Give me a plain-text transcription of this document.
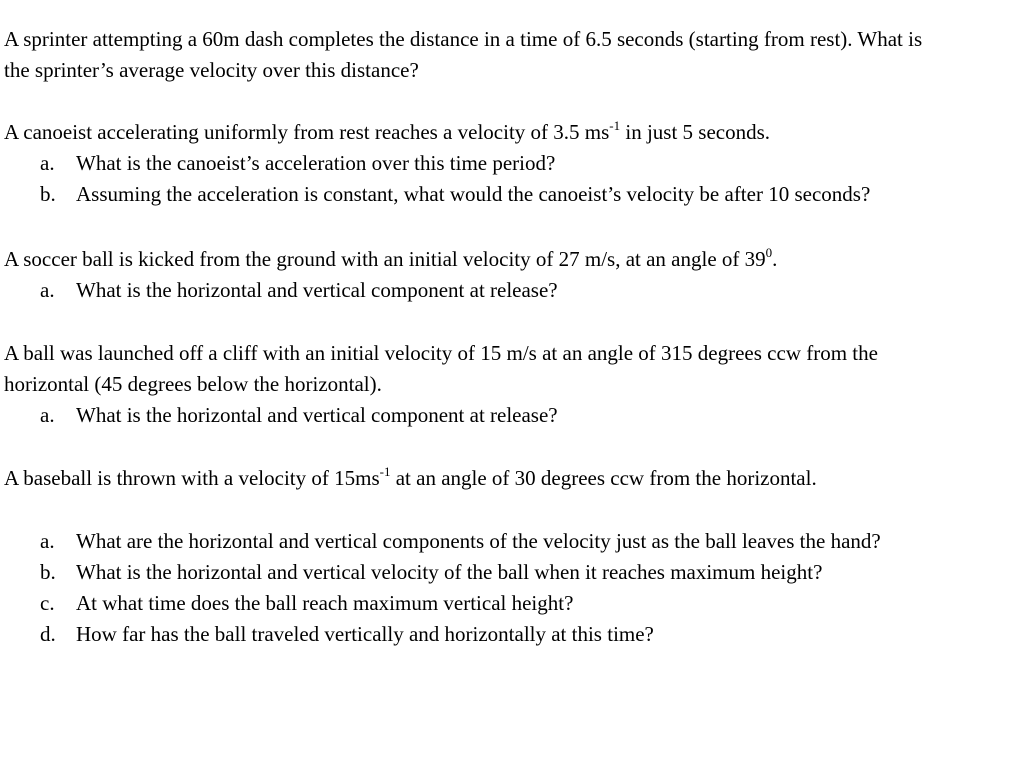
A sprinter attempting a 60m dash completes the distance in a time of 6.5 seconds (starting from rest). What is the sprinter’s average velocity over this distance?

A canoeist accelerating uniformly from rest reaches a velocity of 3.5 $ms^{-1}$ in just 5 seconds.

a. What is the canoeist’s acceleration over this time period?
b. Assuming the acceleration is constant, what would the canoeist’s velocity be after 10 seconds?

A soccer ball is kicked from the ground with an initial velocity of 27 m/s, at an angle of $39^0$.

a. What is the horizontal and vertical component at release?

A ball was launched off a cliff with an initial velocity of 15 m/s at an angle of 315 degrees ccw from the horizontal (45 degrees below the horizontal).

a. What is the horizontal and vertical component at release?

A baseball is thrown with a velocity of $15ms^{-1}$ at an angle of 30 degrees ccw from the horizontal.

a. What are the horizontal and vertical components of the velocity just as the ball leaves the hand?
b. What is the horizontal and vertical velocity of the ball when it reaches maximum height?
c. At what time does the ball reach maximum vertical height?
d. How far has the ball traveled vertically and horizontally at this time?
